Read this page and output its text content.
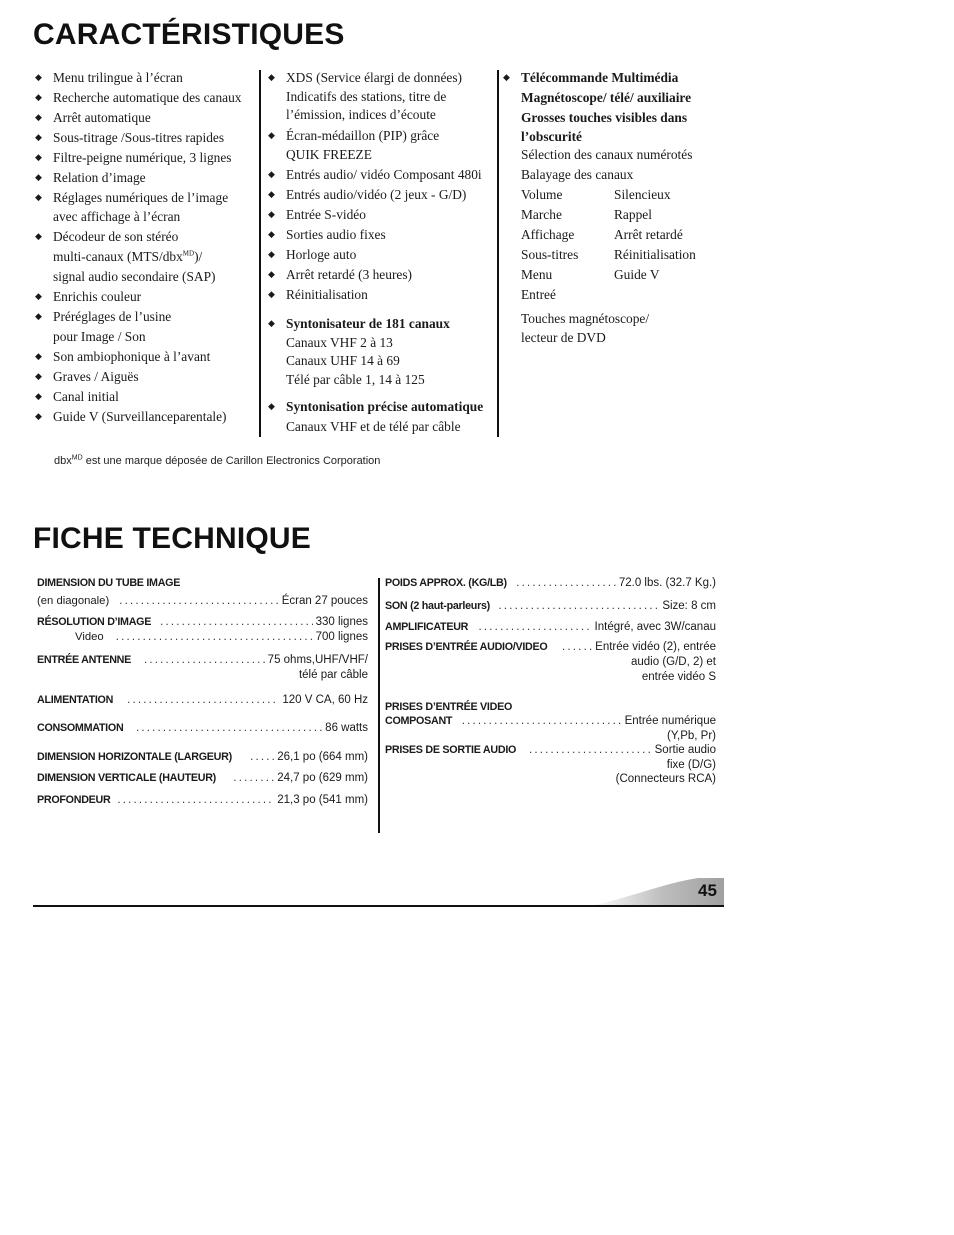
CARACTÉRISTIQUES
FICHE TECHNIQUE
◆ Menu trilingue à l’écran
◆ Recherche automatique des canaux
◆ Arrêt automatique
◆ Sous-titrage /Sous-titres rapides
◆ Filtre-peigne numérique, 3 lignes
◆ Relation d’image
◆ Réglages numériques de l’image
avec affichage à l’écran
◆ Décodeur de son stéréo
multi-canaux (MTS/dbx$^{MD}$)/
signal audio secondaire (SAP)
◆ Enrichis couleur
◆ Préréglages de l’usine
pour Image / Son
◆ Son ambiophonique à l’avant
◆ Graves / Aiguës
◆ Canal initial
◆ Guide V (Surveillanceparentale)
◆ XDS (Service élargi de données)
Indicatifs des stations, titre de
l’émission, indices d’écoute
◆ Écran-médaillon (PIP) grâce
QUIK FREEZE
◆ Entrés audio/ vidéo Composant 480i
◆ Entrés audio/vidéo (2 jeux - G/D)
◆ Entrée S-vidéo
◆ Sorties audio fixes
◆ Horloge auto
◆ Arrêt retardé (3 heures)
◆ Réinitialisation
◆ Syntonisateur de 181 canaux
Canaux VHF 2 à 13
Canaux UHF 14 à 69
Télé par câble 1, 14 à 125
◆ Syntonisation précise automatique
Canaux VHF et de télé par câble
◆ Télécommande Multimédia
Magnétoscope/ télé/ auxiliaire
Grosses touches visibles dans
l’obscurité
Sélection des canaux numérotés
Balayage des canaux
Volume	Silencieux
Marche	Rappel
Affichage	Arrêt retardé
Sous-titres	Réinitialisation
Menu	Guide V
Entreé
Touches magnétoscope/
lecteur de DVD
dbx$^{MD}$ est une marque déposée de Carillon Electronics Corporation
DIMENSION DU TUBE IMAGE
(en diagonale) . . .	Écran 27 pouces
RÉSOLUTION D’IMAGE . . .	330 lignes
Video . . .	700 lignes
ENTRÉE ANTENNE . . .	75 ohms,UHF/VHF/
télé par câble
ALIMENTATION . . .	120 V CA, 60 Hz
CONSOMMATION . . .	86 watts
DIMENSION HORIZONTALE (LARGEUR) . . .	26,1 po (664 mm)
DIMENSION VERTICALE (HAUTEUR) . . .	24,7 po (629 mm)
PROFONDEUR . . .	21,3 po (541 mm)
POIDS APPROX. (KG/LB) . . .	72.0 lbs. (32.7 Kg.)
SON (2 haut-parleurs) . . .	Size: 8 cm
AMPLIFICATEUR . . .	Intégré, avec 3W/canau
PRISES D’ENTRÉE AUDIO/VIDEO . . .	Entrée vidéo (2), entrée
audio (G/D, 2) et
entrée vidéo S
PRISES D’ENTRÉE VIDEO
COMPOSANT . . .	Entrée numérique
(Y,Pb, Pr)
PRISES DE SORTIE AUDIO . . .	Sortie audio
fixe (D/G)
(Connecteurs RCA)
45
